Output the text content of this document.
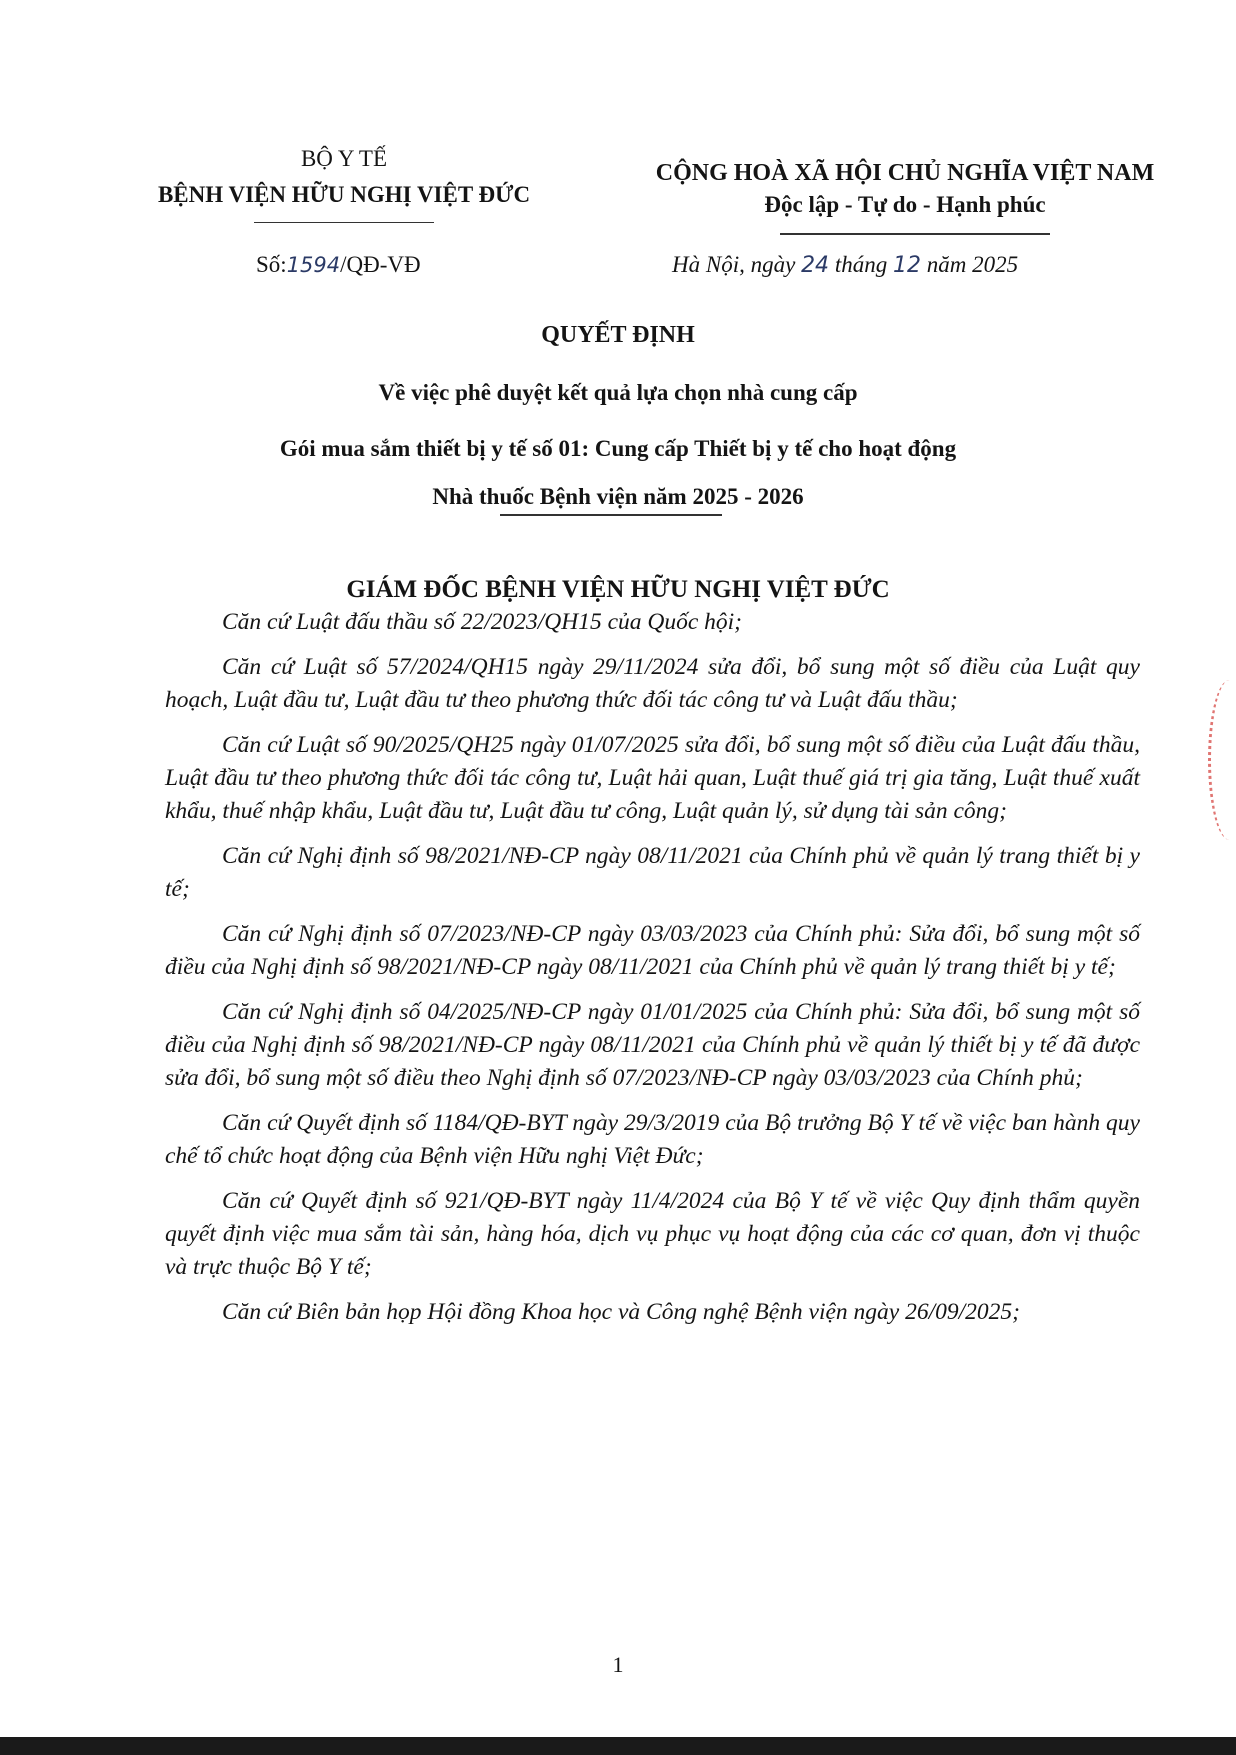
BỘ Y TẾ
BỆNH VIỆN HỮU NGHỊ VIỆT ĐỨC
CỘNG HOÀ XÃ HỘI CHỦ NGHĨA VIỆT NAM
Độc lập - Tự do - Hạnh phúc
Số:1594/QĐ-VĐ	Hà Nội, ngày 24 tháng 12 năm 2025
QUYẾT ĐỊNH
Về việc phê duyệt kết quả lựa chọn nhà cung cấp
Gói mua sắm thiết bị y tế số 01: Cung cấp Thiết bị y tế cho hoạt động
Nhà thuốc Bệnh viện năm 2025 - 2026
GIÁM ĐỐC BỆNH VIỆN HỮU NGHỊ VIỆT ĐỨC

Căn cứ Luật đấu thầu số 22/2023/QH15 của Quốc hội;

Căn cứ Luật số 57/2024/QH15 ngày 29/11/2024 sửa đổi, bổ sung một số điều của Luật quy hoạch, Luật đầu tư, Luật đầu tư theo phương thức đối tác công tư và Luật đấu thầu;

Căn cứ Luật số 90/2025/QH25 ngày 01/07/2025 sửa đổi, bổ sung một số điều của Luật đấu thầu, Luật đầu tư theo phương thức đối tác công tư, Luật hải quan, Luật thuế giá trị gia tăng, Luật thuế xuất khẩu, thuế nhập khẩu, Luật đầu tư, Luật đầu tư công, Luật quản lý, sử dụng tài sản công;

Căn cứ Nghị định số 98/2021/NĐ-CP ngày 08/11/2021 của Chính phủ về quản lý trang thiết bị y tế;

Căn cứ Nghị định số 07/2023/NĐ-CP ngày 03/03/2023 của Chính phủ: Sửa đổi, bổ sung một số điều của Nghị định số 98/2021/NĐ-CP ngày 08/11/2021 của Chính phủ về quản lý trang thiết bị y tế;

Căn cứ Nghị định số 04/2025/NĐ-CP ngày 01/01/2025 của Chính phủ: Sửa đổi, bổ sung một số điều của Nghị định số 98/2021/NĐ-CP ngày 08/11/2021 của Chính phủ về quản lý thiết bị y tế đã được sửa đổi, bổ sung một số điều theo Nghị định số 07/2023/NĐ-CP ngày 03/03/2023 của Chính phủ;

Căn cứ Quyết định số 1184/QĐ-BYT ngày 29/3/2019 của Bộ trưởng Bộ Y tế về việc ban hành quy chế tổ chức hoạt động của Bệnh viện Hữu nghị Việt Đức;

Căn cứ Quyết định số 921/QĐ-BYT ngày 11/4/2024 của Bộ Y tế về việc Quy định thẩm quyền quyết định việc mua sắm tài sản, hàng hóa, dịch vụ phục vụ hoạt động của các cơ quan, đơn vị thuộc và trực thuộc Bộ Y tế;

Căn cứ Biên bản họp Hội đồng Khoa học và Công nghệ Bệnh viện ngày 26/09/2025;

1
